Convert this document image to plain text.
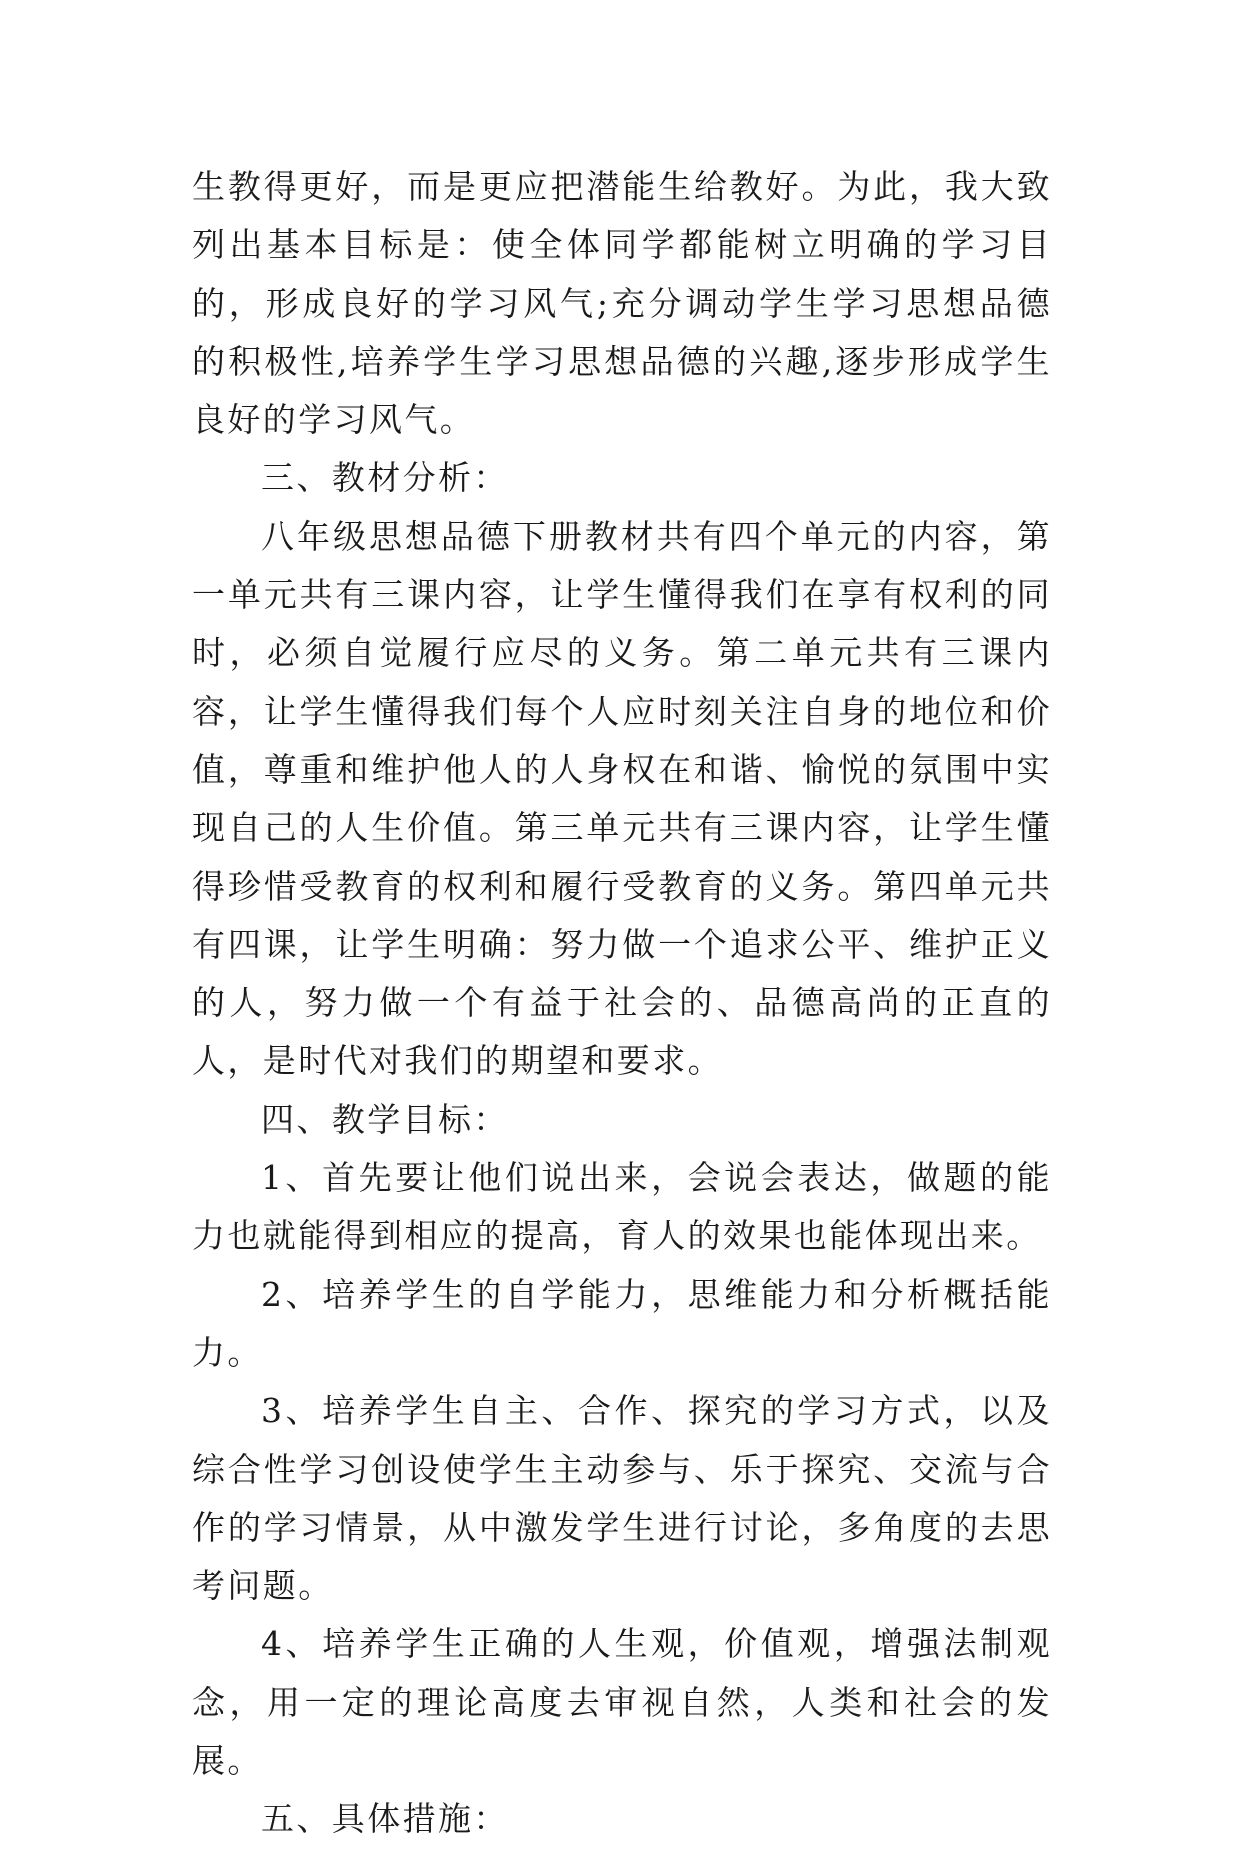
生教得更好，而是更应把潜能生给教好。为此，我大致列出基本目标是：使全体同学都能树立明确的学习目的，形成良好的学习风气;充分调动学生学习思想品德的积极性,培养学生学习思想品德的兴趣,逐步形成学生良好的学习风气。

三、教材分析：

八年级思想品德下册教材共有四个单元的内容，第一单元共有三课内容，让学生懂得我们在享有权利的同时，必须自觉履行应尽的义务。第二单元共有三课内容，让学生懂得我们每个人应时刻关注自身的地位和价值，尊重和维护他人的人身权在和谐、愉悦的氛围中实现自己的人生价值。第三单元共有三课内容，让学生懂得珍惜受教育的权利和履行受教育的义务。第四单元共有四课，让学生明确：努力做一个追求公平、维护正义的人，努力做一个有益于社会的、品德高尚的正直的人，是时代对我们的期望和要求。

四、教学目标：

1、首先要让他们说出来，会说会表达，做题的能力也就能得到相应的提高，育人的效果也能体现出来。

2、培养学生的自学能力，思维能力和分析概括能力。

3、培养学生自主、合作、探究的学习方式，以及综合性学习创设使学生主动参与、乐于探究、交流与合作的学习情景，从中激发学生进行讨论，多角度的去思考问题。

4、培养学生正确的人生观，价值观，增强法制观念，用一定的理论高度去审视自然，人类和社会的发展。

五、具体措施：
